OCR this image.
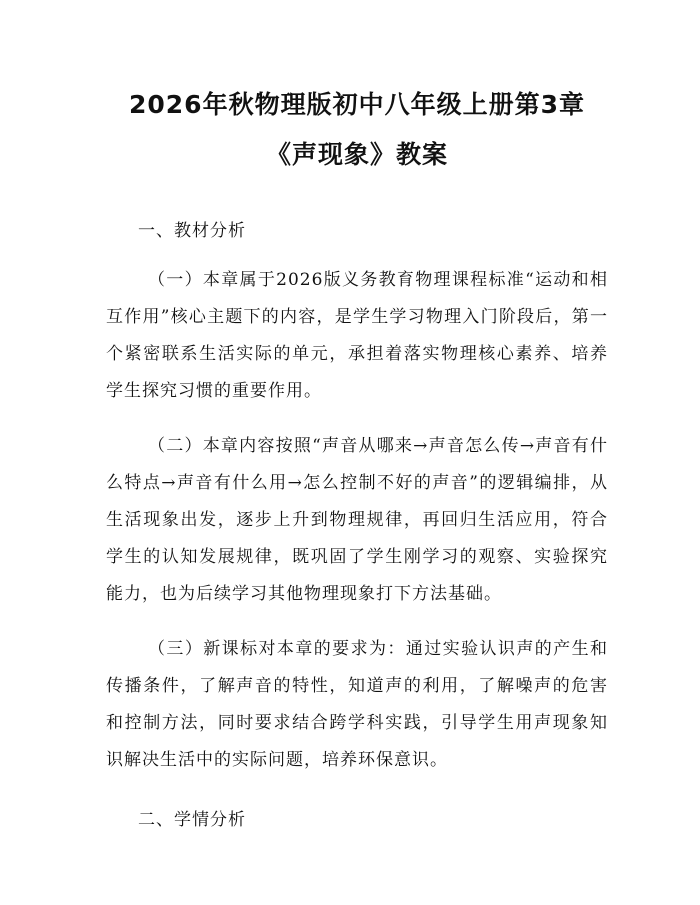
2026年秋物理版初中八年级上册第3章《声现象》教案
一、教材分析

（一）本章属于2026版义务教育物理课程标准“运动和相互作用”核心主题下的内容，是学生学习物理入门阶段后，第一个紧密联系生活实际的单元，承担着落实物理核心素养、培养学生探究习惯的重要作用。

（二）本章内容按照“声音从哪来→声音怎么传→声音有什么特点→声音有什么用→怎么控制不好的声音”的逻辑编排，从生活现象出发，逐步上升到物理规律，再回归生活应用，符合学生的认知发展规律，既巩固了学生刚学习的观察、实验探究能力，也为后续学习其他物理现象打下方法基础。

（三）新课标对本章的要求为：通过实验认识声的产生和传播条件，了解声音的特性，知道声的利用，了解噪声的危害和控制方法，同时要求结合跨学科实践，引导学生用声现象知识解决生活中的实际问题，培养环保意识。

二、学情分析
